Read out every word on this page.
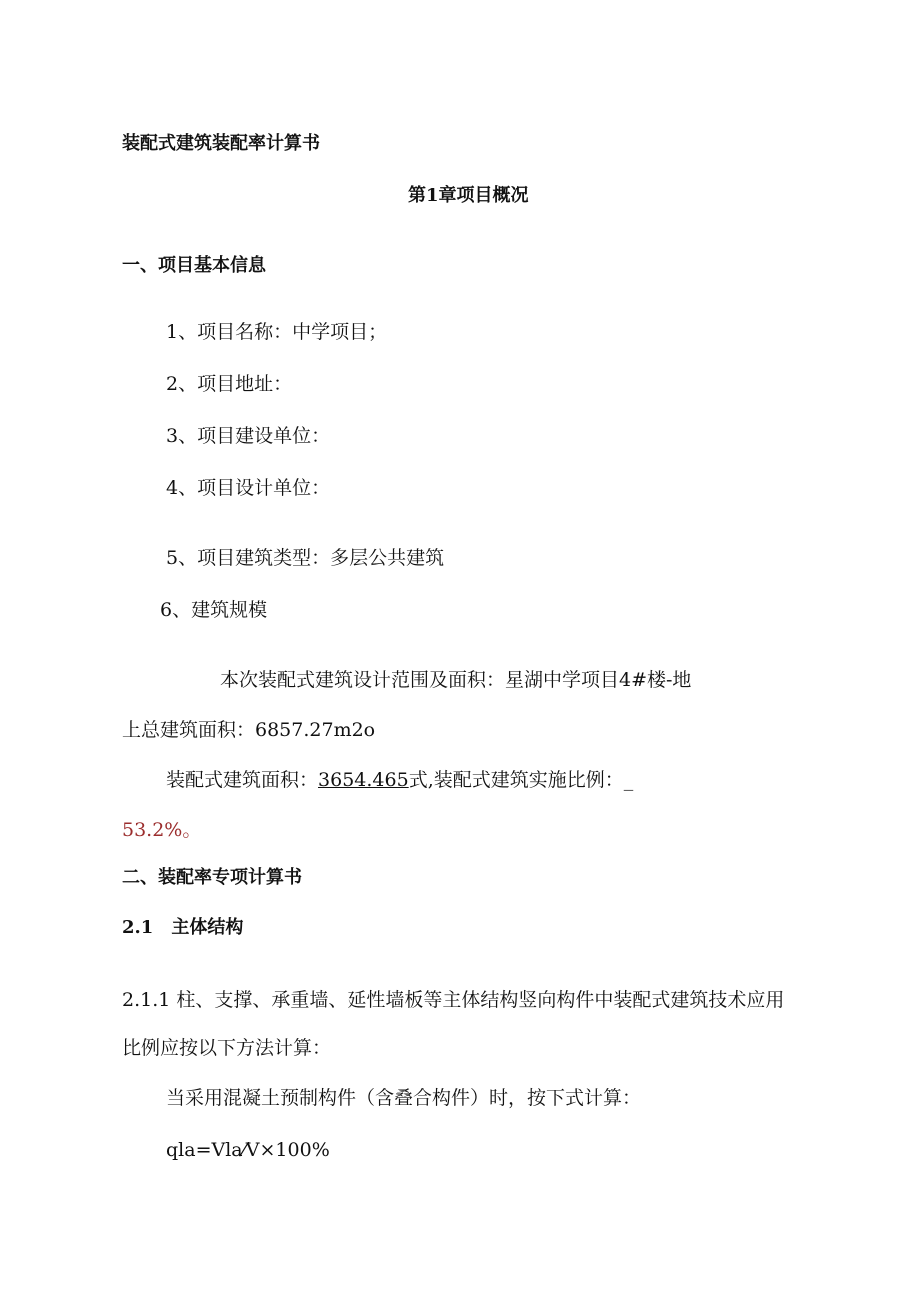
装配式建筑装配率计算书
第1章项目概况
一、项目基本信息
1、项目名称：中学项目；
2、项目地址：
3、项目建设单位：
4、项目设计单位：
5、项目建筑类型：多层公共建筑
6、建筑规模
本次装配式建筑设计范围及面积：星湖中学项目4#楼-地
上总建筑面积：6857.27m2o
装配式建筑面积：3654.465式,装配式建筑实施比例：_
53.2%。
二、装配率专项计算书
2.1 主体结构
2.1.1 柱、支撑、承重墙、延性墙板等主体结构竖向构件中装配式建筑技术应用
比例应按以下方法计算：
当采用混凝土预制构件（含叠合构件）时，按下式计算：
qla=Vla⁄V×100%
